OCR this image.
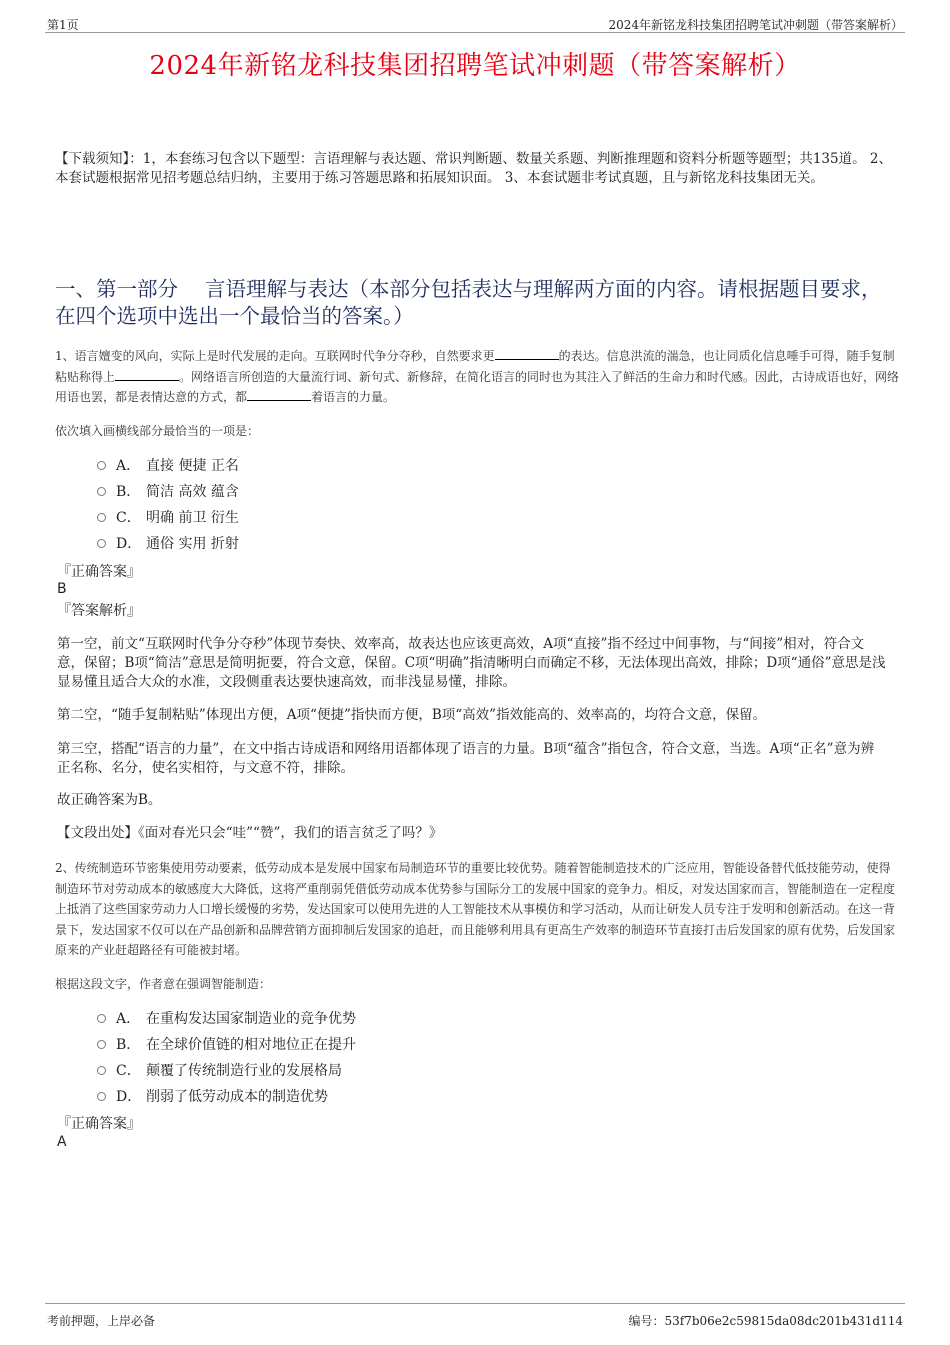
第1页	2024年新铭龙科技集团招聘笔试冲刺题（带答案解析）
2024年新铭龙科技集团招聘笔试冲刺题（带答案解析）
【下载须知】：1，本套练习包含以下题型：言语理解与表达题、常识判断题、数量关系题、判断推理题和资料分析题等题型；共135道。 2、本套试题根据常见招考题总结归纳，主要用于练习答题思路和拓展知识面。 3、本套试题非考试真题，且与新铭龙科技集团无关。
一、第一部分　 言语理解与表达（本部分包括表达与理解两方面的内容。请根据题目要求，在四个选项中选出一个最恰当的答案。）
1、语言嬗变的风向，实际上是时代发展的走向。互联网时代争分夺秒，自然要求更	的表达。信息洪流的湍急，也让同质化信息唾手可得，随手复制粘贴称得上	。网络语言所创造的大量流行词、新句式、新修辞，在简化语言的同时也为其注入了鲜活的生命力和时代感。因此，古诗成语也好，网络用语也罢，都是表情达意的方式，都	着语言的力量。
依次填入画横线部分最恰当的一项是：
A． 直接 便捷 正名
B． 简洁 高效 蕴含
C． 明确 前卫 衍生
D． 通俗 实用 折射
『正确答案』
B
『答案解析』
第一空，前文“互联网时代争分夺秒”体现节奏快、效率高，故表达也应该更高效，A项“直接”指不经过中间事物，与“间接”相对，符合文意，保留；B项“简洁”意思是简明扼要，符合文意，保留。C项“明确”指清晰明白而确定不移，无法体现出高效，排除；D项“通俗”意思是浅显易懂且适合大众的水准，文段侧重表达要快速高效，而非浅显易懂，排除。
第二空，“随手复制粘贴”体现出方便，A项“便捷”指快而方便，B项“高效”指效能高的、效率高的，均符合文意，保留。
第三空，搭配“语言的力量”，在文中指古诗成语和网络用语都体现了语言的力量。B项“蕴含”指包含，符合文意，当选。A项“正名”意为辨正名称、名分，使名实相符，与文意不符，排除。
故正确答案为B。
【文段出处】《面对春光只会“哇”“赞”，我们的语言贫乏了吗？》
2、传统制造环节密集使用劳动要素，低劳动成本是发展中国家布局制造环节的重要比较优势。随着智能制造技术的广泛应用，智能设备替代低技能劳动，使得制造环节对劳动成本的敏感度大大降低，这将严重削弱凭借低劳动成本优势参与国际分工的发展中国家的竞争力。相反，对发达国家而言，智能制造在一定程度上抵消了这些国家劳动力人口增长缓慢的劣势，发达国家可以使用先进的人工智能技术从事模仿和学习活动，从而让研发人员专注于发明和创新活动。在这一背景下，发达国家不仅可以在产品创新和品牌营销方面抑制后发国家的追赶，而且能够利用具有更高生产效率的制造环节直接打击后发国家的原有优势，后发国家原来的产业赶超路径有可能被封堵。
根据这段文字，作者意在强调智能制造：
A． 在重构发达国家制造业的竞争优势
B． 在全球价值链的相对地位正在提升
C． 颠覆了传统制造行业的发展格局
D． 削弱了低劳动成本的制造优势
『正确答案』
A
考前押题，上岸必备	编号：53f7b06e2c59815da08dc201b431d114
